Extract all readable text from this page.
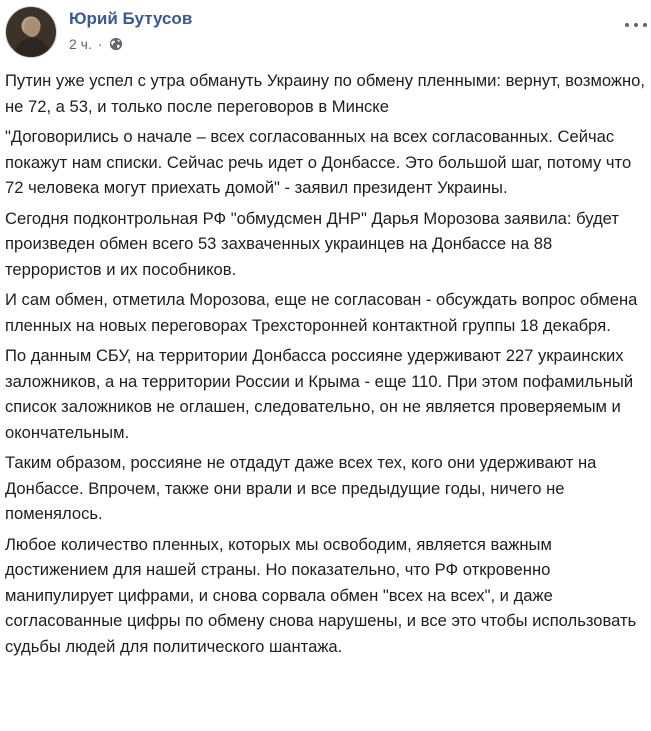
Юрий Бутусов
2 ч. ·

Путин уже успел с утра обмануть Украину по обмену пленными: вернут, возможно, не 72, а 53, и только после переговоров в Минске

"Договорились о начале – всех согласованных на всех согласованных. Сейчас покажут нам списки. Сейчас речь идет о Донбассе. Это большой шаг, потому что 72 человека могут приехать домой" - заявил президент Украины.

Сегодня подконтрольная РФ "обмудсмен ДНР" Дарья Морозова заявила: будет произведен обмен всего 53 захваченных украинцев на Донбассе на 88 террористов и их пособников.

И сам обмен, отметила Морозова, еще не согласован - обсуждать вопрос обмена пленных на новых переговорах Трехсторонней контактной группы 18 декабря.

По данным СБУ, на территории Донбасса россияне удерживают 227 украинских заложников, а на территории России и Крыма - еще 110. При этом пофамильный список заложников не оглашен, следовательно, он не является проверяемым и окончательным.

Таким образом, россияне не отдадут даже всех тех, кого они удерживают на Донбассе. Впрочем, также они врали и все предыдущие годы, ничего не поменялось.

Любое количество пленных, которых мы освободим, является важным достижением для нашей страны. Но показательно, что РФ откровенно манипулирует цифрами, и снова сорвала обмен "всех на всех", и даже согласованные цифры по обмену снова нарушены, и все это чтобы использовать судьбы людей для политического шантажа.
